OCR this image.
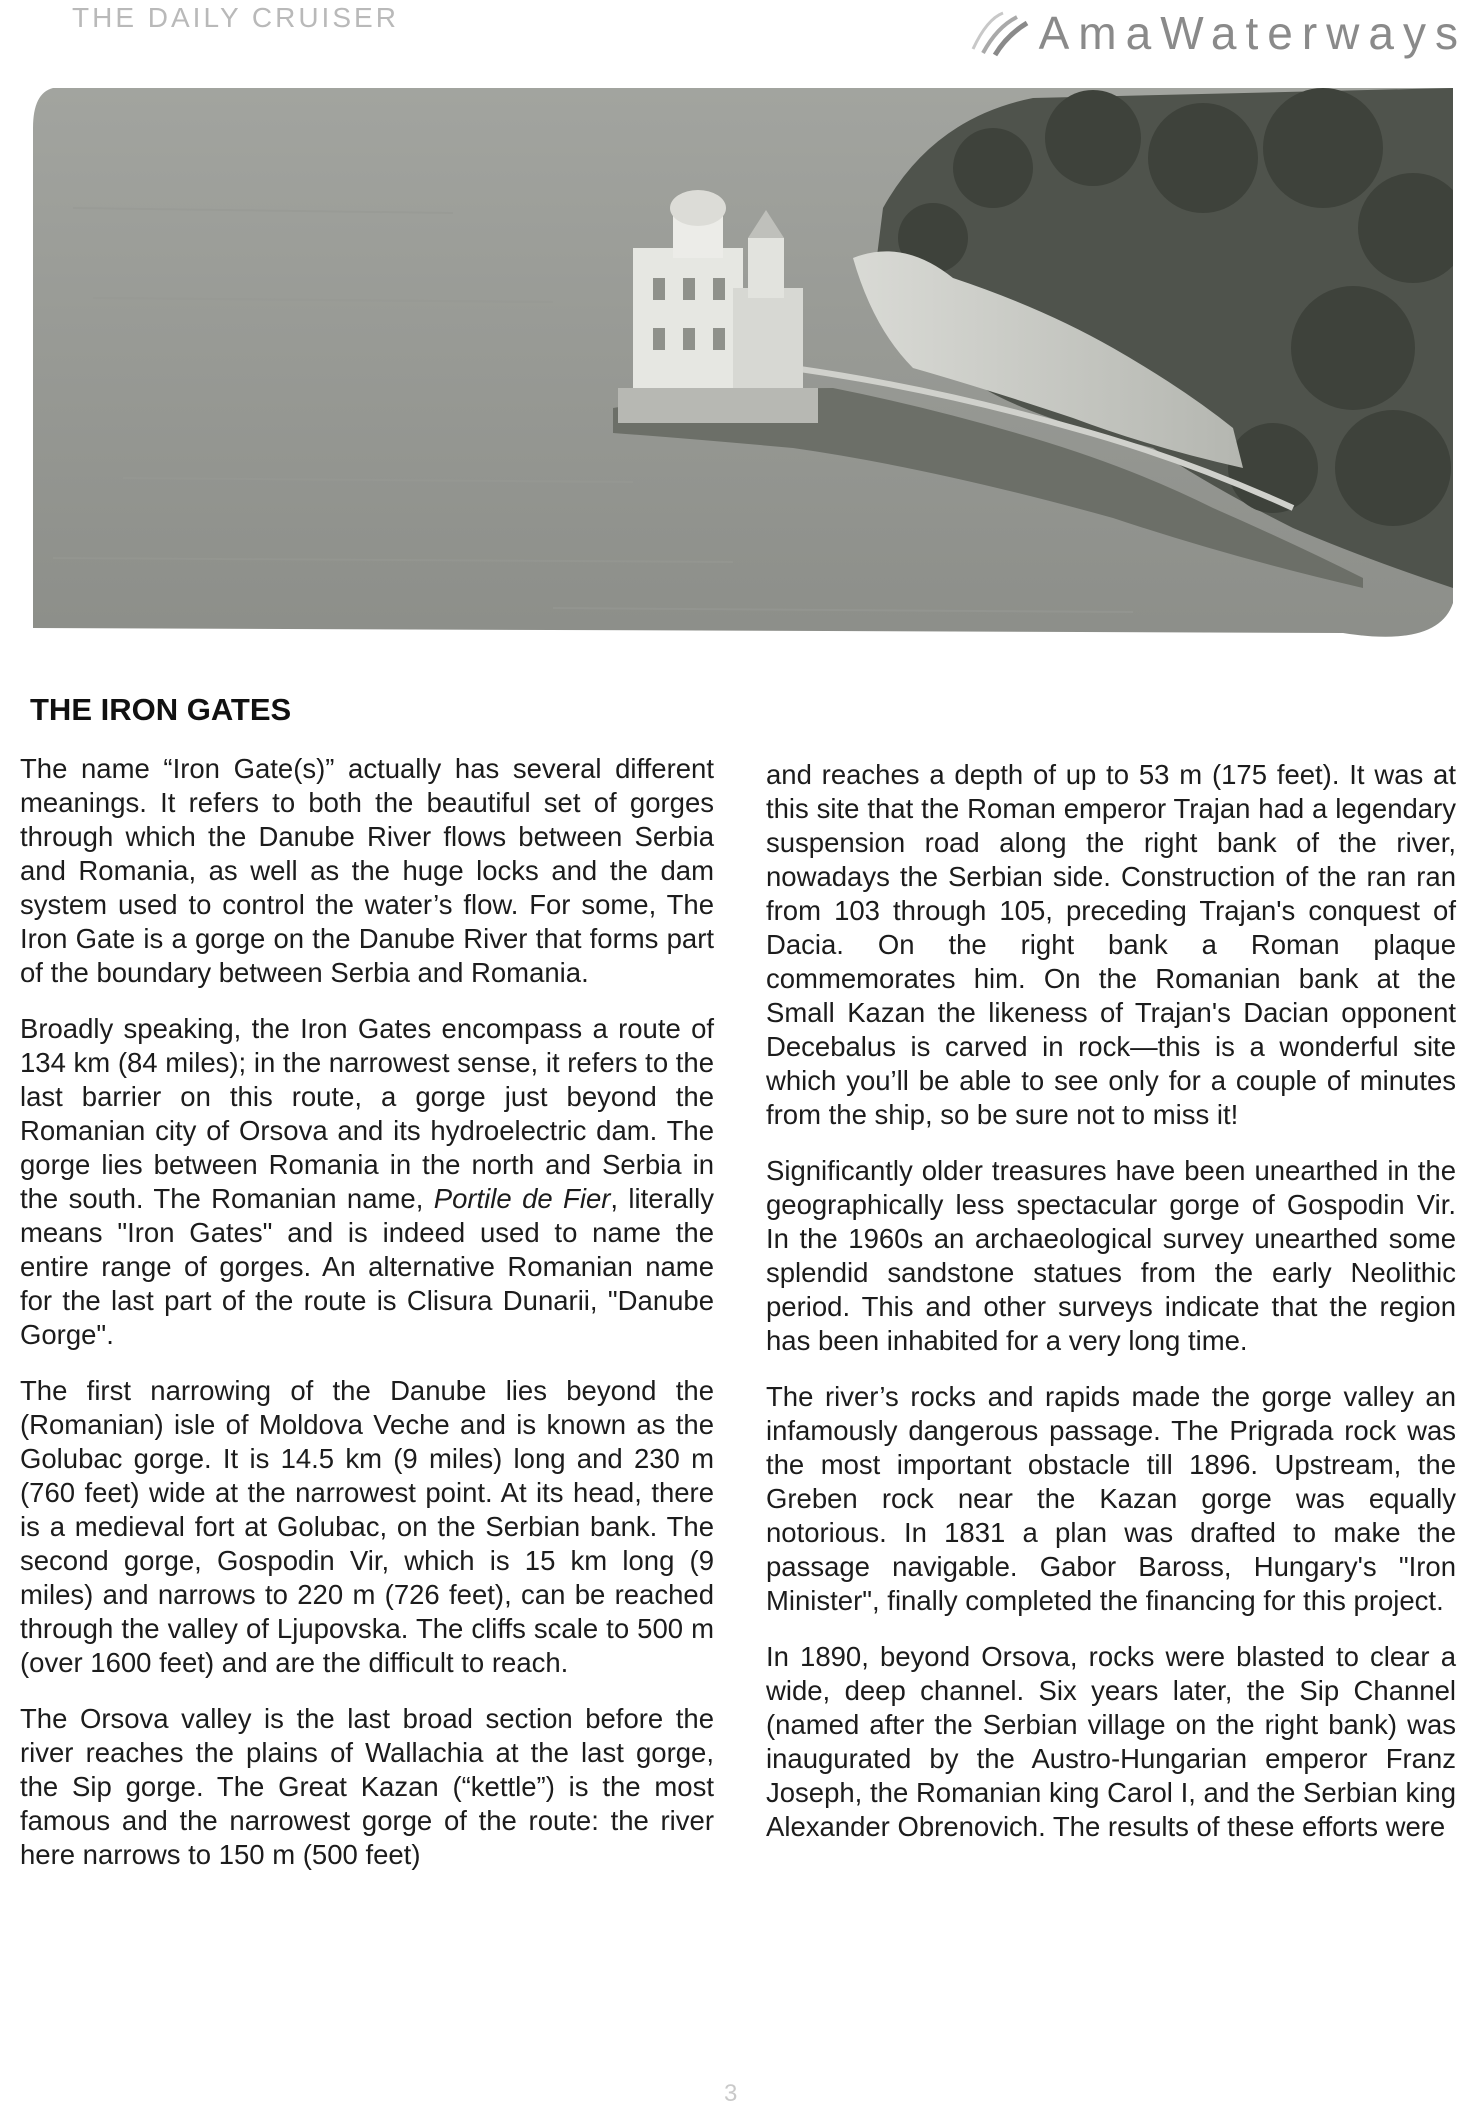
THE DAILY CRUISER	AmaWaterways
THE IRON GATES

The name “Iron Gate(s)” actually has several different meanings. It refers to both the beautiful set of gorges through which the Danube River flows between Serbia and Romania, as well as the huge locks and the dam system used to control the water’s flow. For some, The Iron Gate is a gorge on the Danube River that forms part of the boundary between Serbia and Romania.

Broadly speaking, the Iron Gates encompass a route of 134 km (84 miles); in the narrowest sense, it refers to the last barrier on this route, a gorge just beyond the Romanian city of Orsova and its hydroelectric dam. The gorge lies between Romania in the north and Serbia in the south. The Romanian name, Portile de Fier, literally means "Iron Gates" and is indeed used to name the entire range of gorges. An alternative Romanian name for the last part of the route is Clisura Dunarii, "Danube Gorge".

The first narrowing of the Danube lies beyond the (Romanian) isle of Moldova Veche and is known as the Golubac gorge. It is 14.5 km (9 miles) long and 230 m (760 feet) wide at the narrowest point. At its head, there is a medieval fort at Golubac, on the Serbian bank. The second gorge, Gospodin Vir, which is 15 km long (9 miles) and narrows to 220 m (726 feet), can be reached through the valley of Ljupovska. The cliffs scale to 500 m (over 1600 feet) and are the difficult to reach.

The Orsova valley is the last broad section before the river reaches the plains of Wallachia at the last gorge, the Sip gorge. The Great Kazan (“kettle”) is the most famous and the narrowest gorge of the route: the river here narrows to 150 m (500 feet)

and reaches a depth of up to 53 m (175 feet). It was at this site that the Roman emperor Trajan had a legendary suspension road along the right bank of the river, nowadays the Serbian side. Construction of the ran ran from 103 through 105, preceding Trajan's conquest of Dacia. On the right bank a Roman plaque commemorates him. On the Romanian bank at the Small Kazan the likeness of Trajan's Dacian opponent Decebalus is carved in rock—this is a wonderful site which you’ll be able to see only for a couple of minutes from the ship, so be sure not to miss it!

Significantly older treasures have been unearthed in the geographically less spectacular gorge of Gospodin Vir. In the 1960s an archaeological survey unearthed some splendid sandstone statues from the early Neolithic period. This and other surveys indicate that the region has been inhabited for a very long time.

The river’s rocks and rapids made the gorge valley an infamously dangerous passage. The Prigrada rock was the most important obstacle till 1896. Upstream, the Greben rock near the Kazan gorge was equally notorious. In 1831 a plan was drafted to make the passage navigable. Gabor Baross, Hungary's "Iron Minister", finally completed the financing for this project.

In 1890, beyond Orsova, rocks were blasted to clear a wide, deep channel. Six years later, the Sip Channel (named after the Serbian village on the right bank) was inaugurated by the Austro-Hungarian emperor Franz Joseph, the Romanian king Carol I, and the Serbian king Alexander Obrenovich. The results of these efforts were

3
